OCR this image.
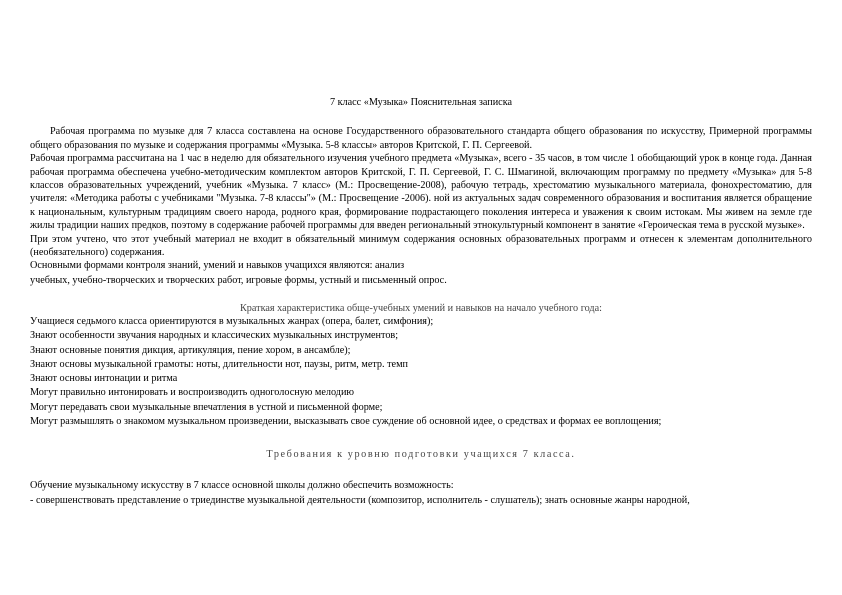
7 класс «Музыка» Пояснительная записка

Рабочая программа по музыке для 7 класса составлена на основе Государственного образовательного стандарта общего образования по искусству, Примерной программы общего образования по музыке и содержания программы «Музыка. 5-8 классы» авторов Критской, Г. П. Сергеевой.

Рабочая программа рассчитана на 1 час в неделю для обязательного изучения учебного предмета «Музыка», всего - 35 часов, в том числе 1 обобщающий урок в конце года. Данная рабочая программа обеспечена учебно-методическим комплектом авторов Критской, Г. П. Сергеевой, Г. С. Шмагиной, включающим программу по предмету «Музыка» для 5-8 классов образовательных учреждений, учебник «Музыка. 7 класс» (М.: Просвещение-2008), рабочую тетрадь, хрестоматию музыкального материала, фонохрестоматию, для учителя: «Методика работы с учебниками "Музыка. 7-8 классы"» (М.: Просвещение -2006). ной из актуальных задач современного образования и воспитания является обращение к национальным, культурным традициям своего народа, родного края, формирование подрастающего поколения интереса и уважения к своим истокам. Мы живем на земле где жилы традиции наших предков, поэтому в содержание рабочей программы для введен региональный этнокультурный компонент в занятие «Героическая тема в русской музыке».

При этом учтено, что этот учебный материал не входит в обязательный минимум содержания основных образовательных программ и отнесен к элементам дополнительного (необязательного) содержания.

Основными формами контроля знаний, умений и навыков учащихся являются: анализ

учебных, учебно-творческих и творческих работ, игровые формы, устный и письменный опрос.

Краткая характеристика обще-учебных умений и навыков на начало учебного года:

Учащиеся седьмого класса ориентируются в музыкальных жанрах (опера, балет, симфония);

Знают особенности звучания народных и классических музыкальных инструментов;

Знают основные понятия дикция, артикуляция, пение хором, в ансамбле);

Знают основы музыкальной грамоты: ноты, длительности нот, паузы, ритм, метр. темп

Знают основы интонации и ритма

Могут правильно интонировать и воспроизводить одноголосную мелодию

Могут передавать свои музыкальные впечатления в устной и письменной форме;

Могут размышлять о знакомом музыкальном произведении, высказывать свое суждение об основной идее, о средствах и формах ее воплощения;

Требования к уровню подготовки учащихся 7 класса.

Обучение музыкальному искусству в 7 классе основной школы должно обеспечить возможность:

- совершенствовать представление о триединстве музыкальной деятельности (композитор, исполнитель - слушатель); знать основные жанры народной,
